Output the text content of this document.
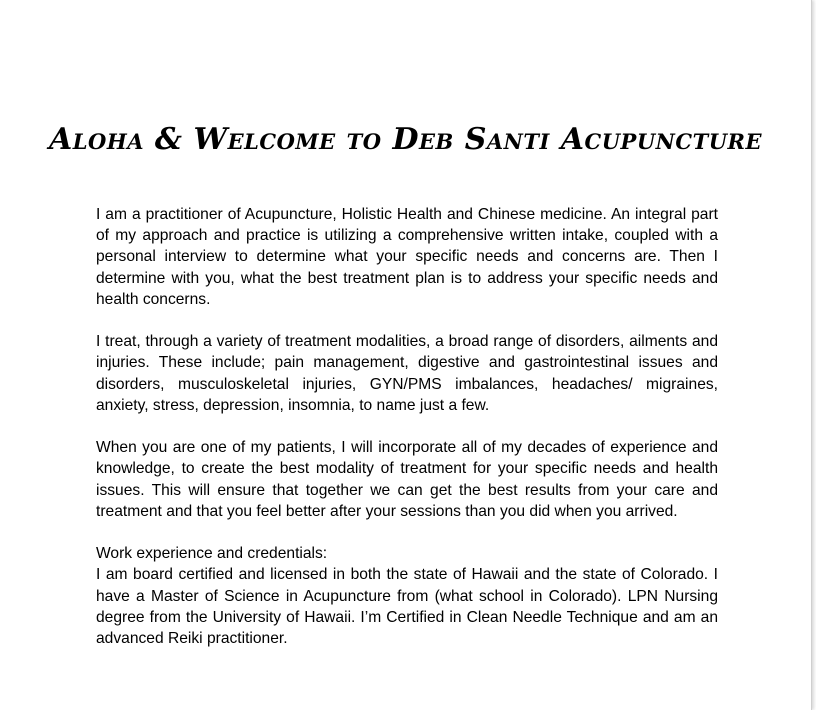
Aloha & Welcome to Deb Santi Acupuncture

I am a practitioner of Acupuncture, Holistic Health and Chinese medicine. An integral part of my approach and practice is utilizing a comprehensive written intake, coupled with a personal interview to determine what your specific needs and concerns are. Then I determine with you, what the best treatment plan is to address your specific needs and health concerns.

I treat, through a variety of treatment modalities, a broad range of disorders, ailments and injuries. These include; pain management, digestive and gastrointestinal issues and disorders, musculoskeletal injuries, GYN/PMS imbalances, headaches/ migraines, anxiety, stress, depression, insomnia, to name just a few.

When you are one of my patients, I will incorporate all of my decades of experience and knowledge, to create the best modality of treatment for your specific needs and health issues. This will ensure that together we can get the best results from your care and treatment and that you feel better after your sessions than you did when you arrived.

Work experience and credentials:

I am board certified and licensed in both the state of Hawaii and the state of Colorado. I have a Master of Science in Acupuncture from (what school in Colorado). LPN Nursing degree from the University of Hawaii. I’m Certified in Clean Needle Technique and am an advanced Reiki practitioner.
